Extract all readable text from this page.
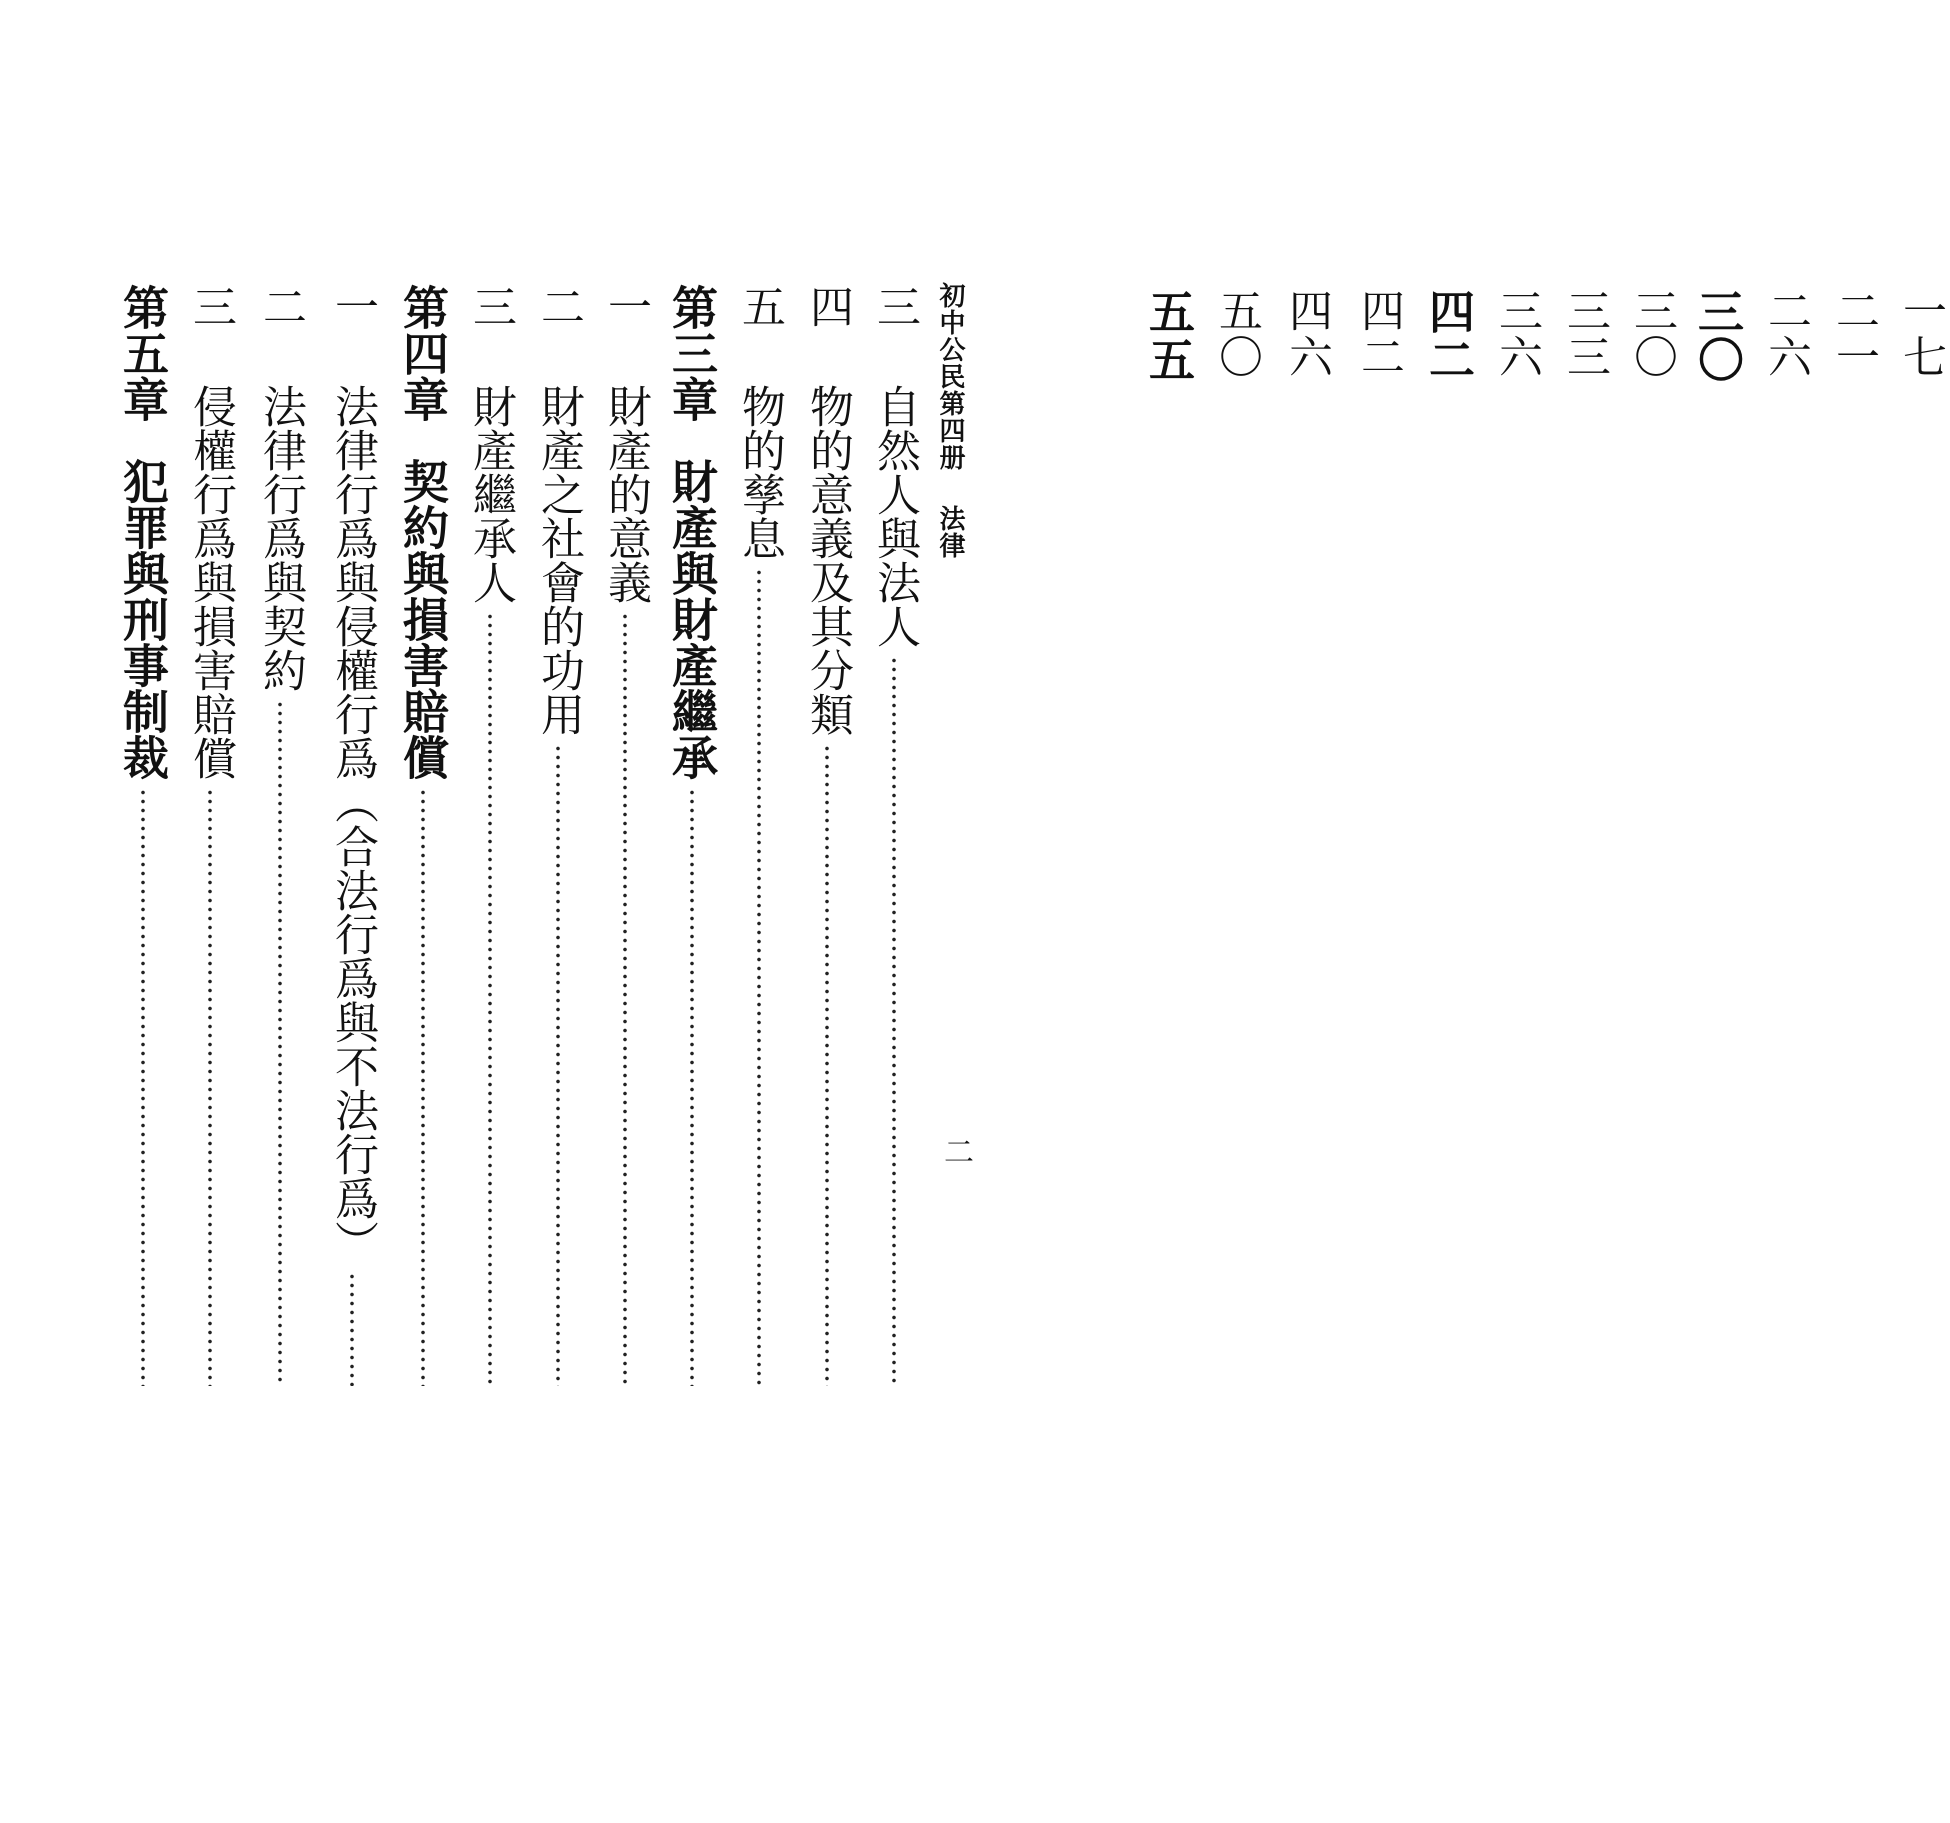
初中公民第四册法律
二
三
自然人與法人
一七
四
物的意義及其分類
二一
五
物的孳息
二六
第三章
財產與財產繼承
三〇
一
財產的意義
三〇
二
財產之社會的功用
三三
三
財產繼承人
三六
第四章
契約與損害賠償
四二
一
法律行爲與侵權行爲（合法行爲與不法行爲）
四二
二
法律行爲與契約
四六
三
侵權行爲與損害賠償
五〇
第五章
犯罪與刑事制裁
五五
